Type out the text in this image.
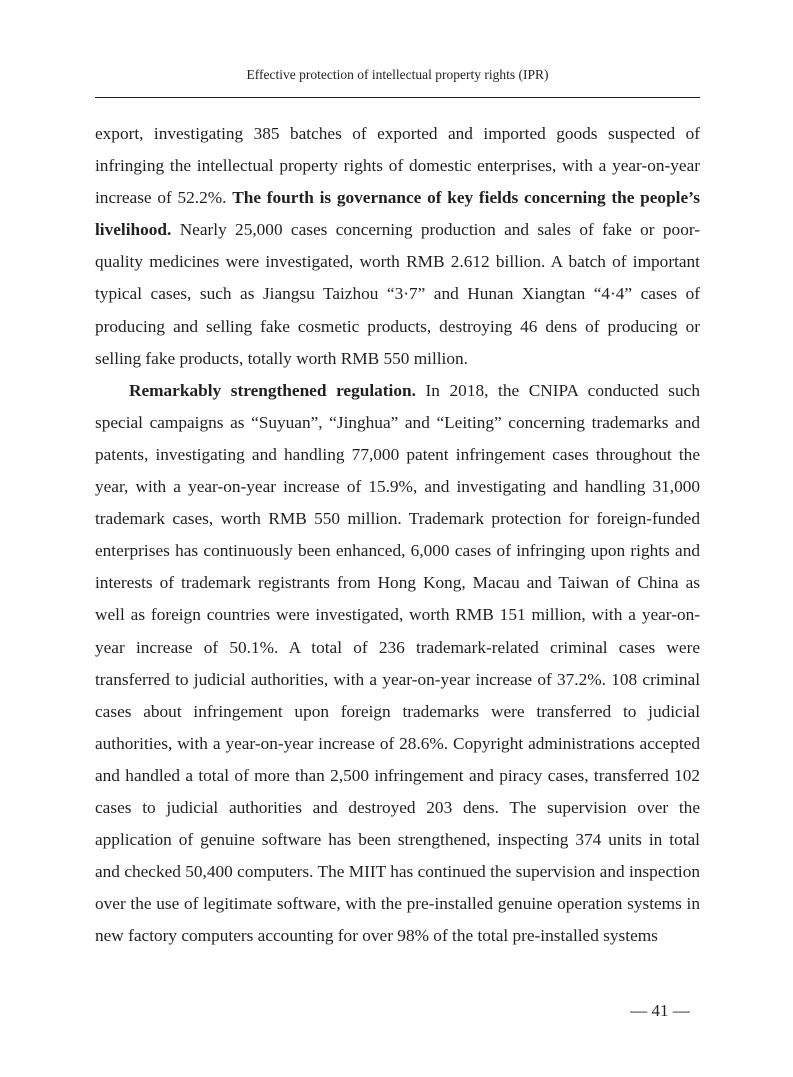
Effective protection of intellectual property rights (IPR)

export, investigating 385 batches of exported and imported goods suspected of infringing the intellectual property rights of domestic enterprises, with a year-on-year increase of 52.2%. The fourth is governance of key fields concerning the people’s livelihood. Nearly 25,000 cases concerning production and sales of fake or poor-quality medicines were investigated, worth RMB 2.612 billion. A batch of important typical cases, such as Jiangsu Taizhou “3·7” and Hunan Xiangtan “4·4” cases of producing and selling fake cosmetic products, destroying 46 dens of producing or selling fake products, totally worth RMB 550 million.

Remarkably strengthened regulation. In 2018, the CNIPA conducted such special campaigns as “Suyuan”, “Jinghua” and “Leiting” concerning trademarks and patents, investigating and handling 77,000 patent infringement cases throughout the year, with a year-on-year increase of 15.9%, and investigating and handling 31,000 trademark cases, worth RMB 550 million. Trademark protection for foreign-funded enterprises has continuously been enhanced, 6,000 cases of infringing upon rights and interests of trademark registrants from Hong Kong, Macau and Taiwan of China as well as foreign countries were investigated, worth RMB 151 million, with a year-on-year increase of 50.1%. A total of 236 trademark-related criminal cases were transferred to judicial authorities, with a year-on-year increase of 37.2%. 108 criminal cases about infringement upon foreign trademarks were transferred to judicial authorities, with a year-on-year increase of 28.6%. Copyright administrations accepted and handled a total of more than 2,500 infringement and piracy cases, transferred 102 cases to judicial authorities and destroyed 203 dens. The supervision over the application of genuine software has been strengthened, inspecting 374 units in total and checked 50,400 computers. The MIIT has continued the supervision and inspection over the use of legitimate software, with the pre-installed genuine operation systems in new factory computers accounting for over 98% of the total pre-installed systems

— 41 —
